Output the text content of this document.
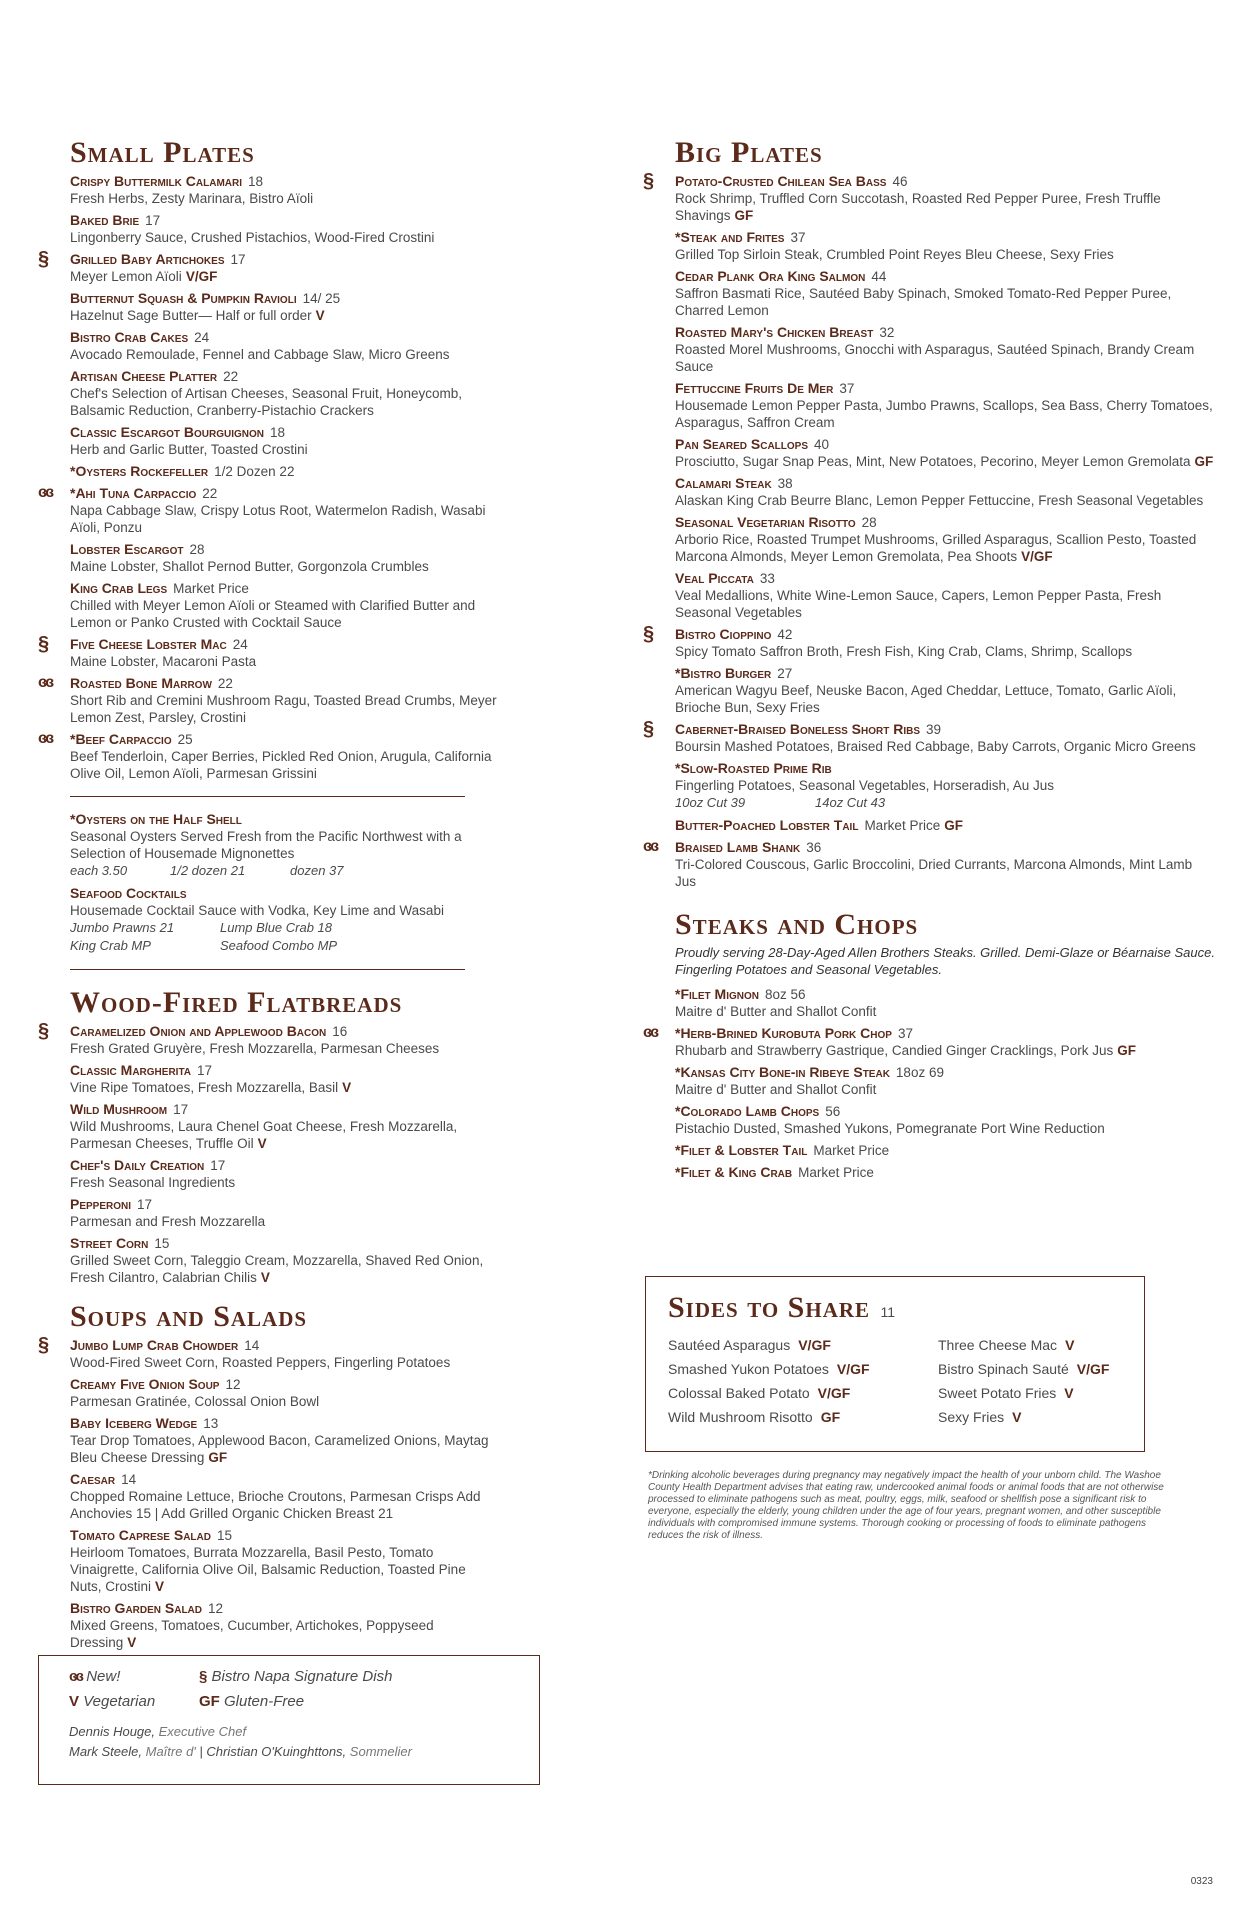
Small Plates
Crispy Buttermilk Calamari 18
Fresh Herbs, Zesty Marinara, Bistro Aïoli
Baked Brie 17
Lingonberry Sauce, Crushed Pistachios, Wood-Fired Crostini
§	Grilled Baby Artichokes 17
Meyer Lemon Aïoli V/GF
Butternut Squash & Pumpkin Ravioli 14/ 25
Hazelnut Sage Butter— Half or full order V
Bistro Crab Cakes 24
Avocado Remoulade, Fennel and Cabbage Slaw, Micro Greens
Artisan Cheese Platter 22
Chef's Selection of Artisan Cheeses, Seasonal Fruit, Honeycomb, Balsamic Reduction, Cranberry-Pistachio Crackers
Classic Escargot Bourguignon 18
Herb and Garlic Butter, Toasted Crostini
*Oysters Rockefeller 1/2 Dozen 22
ɞɞ	*Ahi Tuna Carpaccio 22
Napa Cabbage Slaw, Crispy Lotus Root, Watermelon Radish, Wasabi Aïoli, Ponzu
Lobster Escargot 28
Maine Lobster, Shallot Pernod Butter, Gorgonzola Crumbles
King Crab Legs Market Price
Chilled with Meyer Lemon Aïoli or Steamed with Clarified Butter and Lemon or Panko Crusted with Cocktail Sauce
§	Five Cheese Lobster Mac 24
Maine Lobster, Macaroni Pasta
ɞɞ	Roasted Bone Marrow 22
Short Rib and Cremini Mushroom Ragu, Toasted Bread Crumbs, Meyer Lemon Zest, Parsley, Crostini
ɞɞ	*Beef Carpaccio 25
Beef Tenderloin, Caper Berries, Pickled Red Onion, Arugula, California Olive Oil, Lemon Aïoli, Parmesan Grissini
*Oysters on the Half Shell
Seasonal Oysters Served Fresh from the Pacific Northwest with a Selection of Housemade Mignonettes
each 3.50	1/2 dozen 21	dozen 37
Seafood Cocktails
Housemade Cocktail Sauce with Vodka, Key Lime and Wasabi
Jumbo Prawns 21	Lump Blue Crab 18
King Crab MP	Seafood Combo MP
Wood-Fired Flatbreads
§	Caramelized Onion and Applewood Bacon 16
Fresh Grated Gruyère, Fresh Mozzarella, Parmesan Cheeses
Classic Margherita 17
Vine Ripe Tomatoes, Fresh Mozzarella, Basil V
Wild Mushroom 17
Wild Mushrooms, Laura Chenel Goat Cheese, Fresh Mozzarella, Parmesan Cheeses, Truffle Oil V
Chef's Daily Creation 17
Fresh Seasonal Ingredients
Pepperoni 17
Parmesan and Fresh Mozzarella
Street Corn 15
Grilled Sweet Corn, Taleggio Cream, Mozzarella, Shaved Red Onion, Fresh Cilantro, Calabrian Chilis V
Soups and Salads
§	Jumbo Lump Crab Chowder 14
Wood-Fired Sweet Corn, Roasted Peppers, Fingerling Potatoes
Creamy Five Onion Soup 12
Parmesan Gratinée, Colossal Onion Bowl
Baby Iceberg Wedge 13
Tear Drop Tomatoes, Applewood Bacon, Caramelized Onions, Maytag Bleu Cheese Dressing GF
Caesar 14
Chopped Romaine Lettuce, Brioche Croutons, Parmesan Crisps Add Anchovies 15 | Add Grilled Organic Chicken Breast 21
Tomato Caprese Salad 15
Heirloom Tomatoes, Burrata Mozzarella, Basil Pesto, Tomato Vinaigrette, California Olive Oil, Balsamic Reduction, Toasted Pine Nuts, Crostini V
Bistro Garden Salad 12
Mixed Greens, Tomatoes, Cucumber, Artichokes, Poppyseed Dressing V
Big Plates
§	Potato-Crusted Chilean Sea Bass 46
Rock Shrimp, Truffled Corn Succotash, Roasted Red Pepper Puree, Fresh Truffle Shavings GF
*Steak and Frites 37
Grilled Top Sirloin Steak, Crumbled Point Reyes Bleu Cheese, Sexy Fries
Cedar Plank Ora King Salmon 44
Saffron Basmati Rice, Sautéed Baby Spinach, Smoked Tomato-Red Pepper Puree, Charred Lemon
Roasted Mary's Chicken Breast 32
Roasted Morel Mushrooms, Gnocchi with Asparagus, Sautéed Spinach, Brandy Cream Sauce
Fettuccine Fruits De Mer 37
Housemade Lemon Pepper Pasta, Jumbo Prawns, Scallops, Sea Bass, Cherry Tomatoes, Asparagus, Saffron Cream
Pan Seared Scallops 40
Prosciutto, Sugar Snap Peas, Mint, New Potatoes, Pecorino, Meyer Lemon Gremolata GF
Calamari Steak 38
Alaskan King Crab Beurre Blanc, Lemon Pepper Fettuccine, Fresh Seasonal Vegetables
Seasonal Vegetarian Risotto 28
Arborio Rice, Roasted Trumpet Mushrooms, Grilled Asparagus, Scallion Pesto, Toasted Marcona Almonds, Meyer Lemon Gremolata, Pea Shoots V/GF
Veal Piccata 33
Veal Medallions, White Wine-Lemon Sauce, Capers, Lemon Pepper Pasta, Fresh Seasonal Vegetables
§	Bistro Cioppino 42
Spicy Tomato Saffron Broth, Fresh Fish, King Crab, Clams, Shrimp, Scallops
*Bistro Burger 27
American Wagyu Beef, Neuske Bacon, Aged Cheddar, Lettuce, Tomato, Garlic Aïoli, Brioche Bun, Sexy Fries
§	Cabernet-Braised Boneless Short Ribs 39
Boursin Mashed Potatoes, Braised Red Cabbage, Baby Carrots, Organic Micro Greens
*Slow-Roasted Prime Rib
Fingerling Potatoes, Seasonal Vegetables, Horseradish, Au Jus
10oz Cut 39	14oz Cut 43
Butter-Poached Lobster Tail Market Price GF
ɞɞ	Braised Lamb Shank 36
Tri-Colored Couscous, Garlic Broccolini, Dried Currants, Marcona Almonds, Mint Lamb Jus
Steaks and Chops
Proudly serving 28-Day-Aged Allen Brothers Steaks. Grilled. Demi-Glaze or Béarnaise Sauce. Fingerling Potatoes and Seasonal Vegetables.
*Filet Mignon 8oz 56
Maitre d' Butter and Shallot Confit
ɞɞ	*Herb-Brined Kurobuta Pork Chop 37
Rhubarb and Strawberry Gastrique, Candied Ginger Cracklings, Pork Jus GF
*Kansas City Bone-in Ribeye Steak 18oz 69
Maitre d' Butter and Shallot Confit
*Colorado Lamb Chops 56
Pistachio Dusted, Smashed Yukons, Pomegranate Port Wine Reduction
*Filet & Lobster Tail Market Price
*Filet & King Crab Market Price
Sides to Share 11
Sautéed Asparagus V/GF	Three Cheese Mac V
Smashed Yukon Potatoes V/GF	Bistro Spinach Sauté V/GF
Colossal Baked Potato V/GF	Sweet Potato Fries V
Wild Mushroom Risotto GF	Sexy Fries V
*Drinking alcoholic beverages during pregnancy may negatively impact the health of your unborn child. The Washoe County Health Department advises that eating raw, undercooked animal foods or animal foods that are not otherwise processed to eliminate pathogens such as meat, poultry, eggs, milk, seafood or shellfish pose a significant risk to everyone, especially the elderly, young children under the age of four years, pregnant women, and other susceptible individuals with compromised immune systems. Thorough cooking or processing of foods to eliminate pathogens reduces the risk of illness.
ɞɞ New!	§ Bistro Napa Signature Dish
V Vegetarian	GF Gluten-Free
Dennis Houge, Executive Chef
Mark Steele, Maître d' | Christian O'Kuinghttons, Sommelier
0323
